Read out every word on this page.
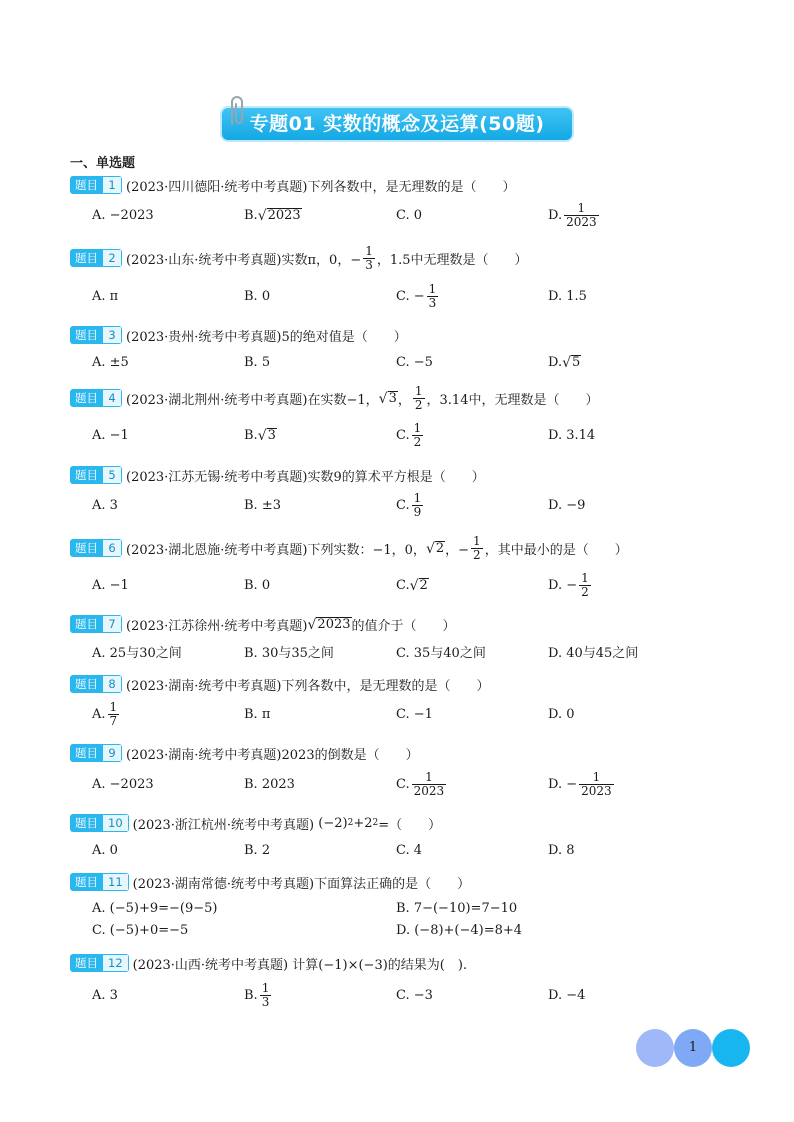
专题01 实数的概念及运算(50题)
一、单选题
题目 1 (2023·四川德阳·统考中考真题) 下列各数中，是无理数的是（　　）
A. −2023	B. √ 2023	C. 0	D. $\frac{1}{2023}$
题目 2 (2023·山东·统考中考真题) 实数π，0，− $\frac{1}{3}$ ，1.5中无理数是（　　）
A. π	B. 0	C. − $\frac{1}{3}$	D. 1.5
题目 3 (2023·贵州·统考中考真题) 5的绝对值是（　　）
A. ±5	B. 5	C. −5	D. √ 5
题目 4 (2023·湖北荆州·统考中考真题) 在实数−1， √ 3 ， $\frac{1}{2}$ ，3.14中，无理数是（　　）
A. −1	B. √ 3	C. $\frac{1}{2}$	D. 3.14
题目 5 (2023·江苏无锡·统考中考真题) 实数9的算术平方根是（　　）
A. 3	B. ±3	C. $\frac{1}{9}$	D. −9
题目 6 (2023·湖北恩施·统考中考真题) 下列实数：−1，0， √ 2 ，− $\frac{1}{2}$ ，其中最小的是（　　）
A. −1	B. 0	C. √ 2	D. − $\frac{1}{2}$
题目 7 (2023·江苏徐州·统考中考真题) √ 2023 的值介于（　　）
A. 25与30之间	B. 30与35之间	C. 35与40之间	D. 40与45之间
题目 8 (2023·湖南·统考中考真题) 下列各数中，是无理数的是（　　）
A. $\frac{1}{7}$	B. π	C. −1	D. 0
题目 9 (2023·湖南·统考中考真题) 2023的倒数是（　　）
A. −2023	B. 2023	C. $\frac{1}{2023}$	D. − $\frac{1}{2023}$
题目 10 (2023·浙江杭州·统考中考真题)
(−2) 2 +2 2 =（　　）
A. 0	B. 2	C. 4	D. 8
题目 11 (2023·湖南常德·统考中考真题) 下面算法正确的是（　　）
A. (−5)+9=−(9−5)	B. 7−(−10)=7−10
C. (−5)+0=−5	D. (−8)+(−4)=8+4
题目 12 (2023·山西·统考中考真题)
计算(−1)×(−3)的结果为(　).
A. 3	B. $\frac{1}{3}$	C. −3	D. −4
1
